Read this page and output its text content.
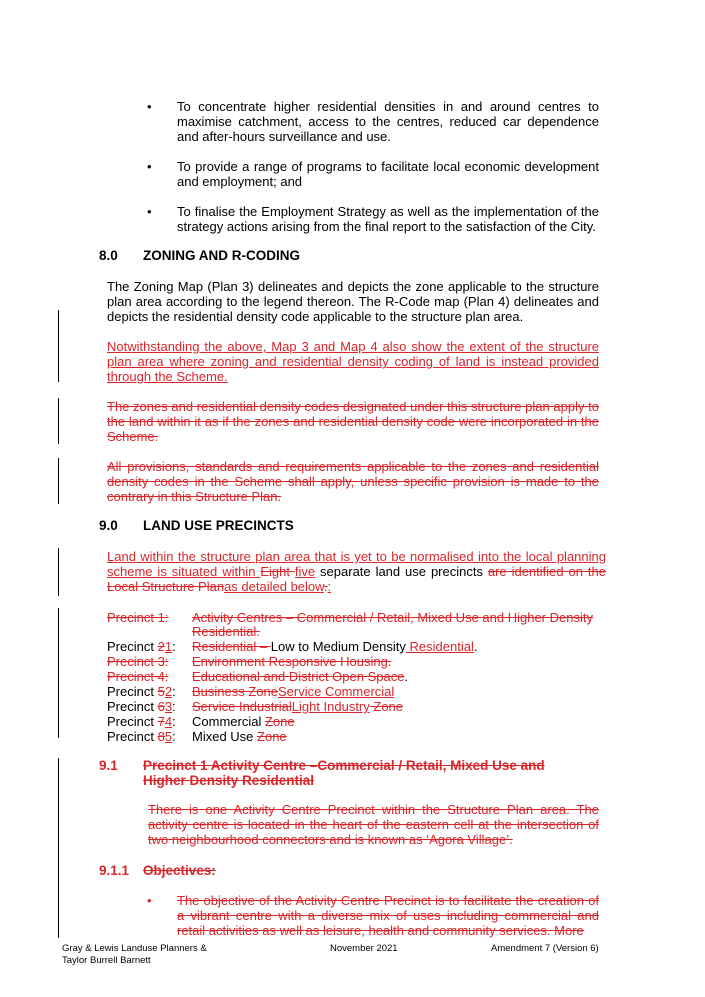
• To concentrate higher residential densities in and around centres to maximise catchment, access to the centres, reduced car dependence and after-hours surveillance and use.
• To provide a range of programs to facilitate local economic development and employment; and
• To finalise the Employment Strategy as well as the implementation of the strategy actions arising from the final report to the satisfaction of the City.
8.0 ZONING AND R-CODING
The Zoning Map (Plan 3) delineates and depicts the zone applicable to the structure plan area according to the legend thereon. The R-Code map (Plan 4) delineates and depicts the residential density code applicable to the structure plan area.
Notwithstanding the above, Map 3 and Map 4 also show the extent of the structure plan area where zoning and residential density coding of land is instead provided through the Scheme.
The zones and residential density codes designated under this structure plan apply to the land within it as if the zones and residential density code were incorporated in the Scheme.
All provisions, standards and requirements applicable to the zones and residential density codes in the Scheme shall apply, unless specific provision is made to the contrary in this Structure Plan.
9.0 LAND USE PRECINCTS
Land within the structure plan area that is yet to be normalised into the local planning scheme is situated within Eight five separate land use precincts are identified on the Local Structure Planas detailed below.:
Precinct 1: Activity Centres – Commercial / Retail, Mixed Use and Higher Density
Residential.
Precinct 21: Residential – Low to Medium Density Residential.
Precinct 3: Environment Responsive Housing.
Precinct 4: Educational and District Open Space.
Precinct 52: Business ZoneService Commercial
Precinct 63: Service IndustrialLight Industry Zone
Precinct 74: Commercial Zone
Precinct 85: Mixed Use Zone
9.1 Precinct 1 Activity Centre –Commercial / Retail, Mixed Use and
Higher Density Residential
There is one Activity Centre Precinct within the Structure Plan area. The activity centre is located in the heart of the eastern cell at the intersection of two neighbourhood connectors and is known as ‘Agora Village’.
9.1.1 Objectives:
• The objective of the Activity Centre Precinct is to facilitate the creation of a vibrant centre with a diverse mix of uses including commercial and retail activities as well as leisure, health and community services. More
Gray & Lewis Landuse Planners &
Taylor Burrell Barnett
November 2021	Amendment 7 (Version 6)
